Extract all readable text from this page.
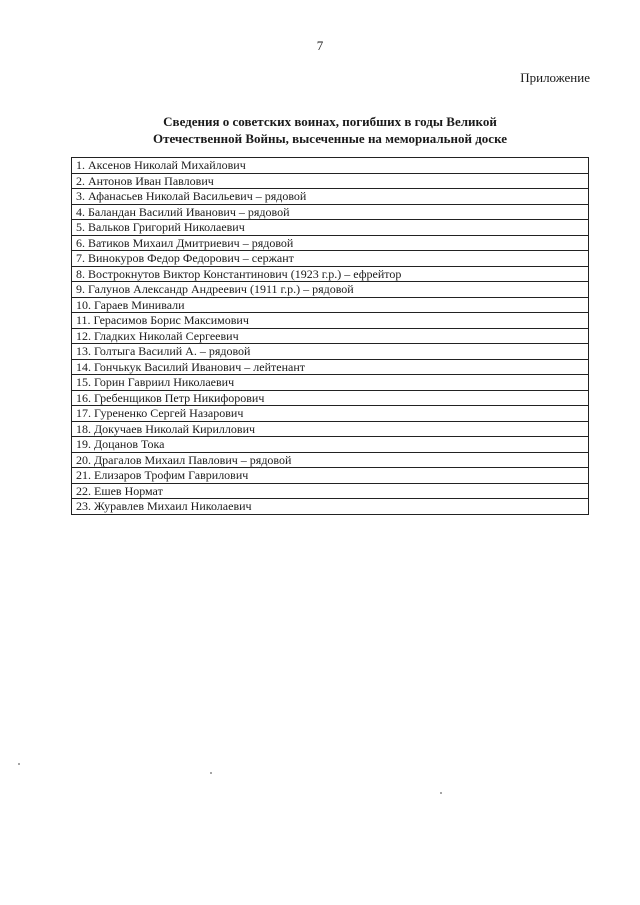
7
Приложение
Сведения о советских воинах, погибших в годы Великой
Отечественной Войны, высеченные на мемориальной доске
1. Аксенов Николай Михайлович
2. Антонов Иван Павлович
3. Афанасьев Николай Васильевич – рядовой
4. Баландан Василий Иванович – рядовой
5. Вальков Григорий Николаевич
6. Ватиков Михаил Дмитриевич – рядовой
7. Винокуров Федор Федорович – сержант
8. Вострокнутов Виктор Константинович (1923 г.р.) – ефрейтор
9. Галунов Александр Андреевич (1911 г.р.) – рядовой
10. Гараев Минивали
11. Герасимов Борис Максимович
12. Гладких Николай Сергеевич
13. Голтыга Василий А. – рядовой
14. Гончькук Василий Иванович – лейтенант
15. Горин Гавриил Николаевич
16. Гребенщиков Петр Никифорович
17. Гурененко Сергей Назарович
18. Докучаев Николай Кириллович
19. Доцанов Тока
20. Драгалов Михаил Павлович – рядовой
21. Елизаров Трофим Гаврилович
22. Ешев Нормат
23. Журавлев Михаил Николаевич
